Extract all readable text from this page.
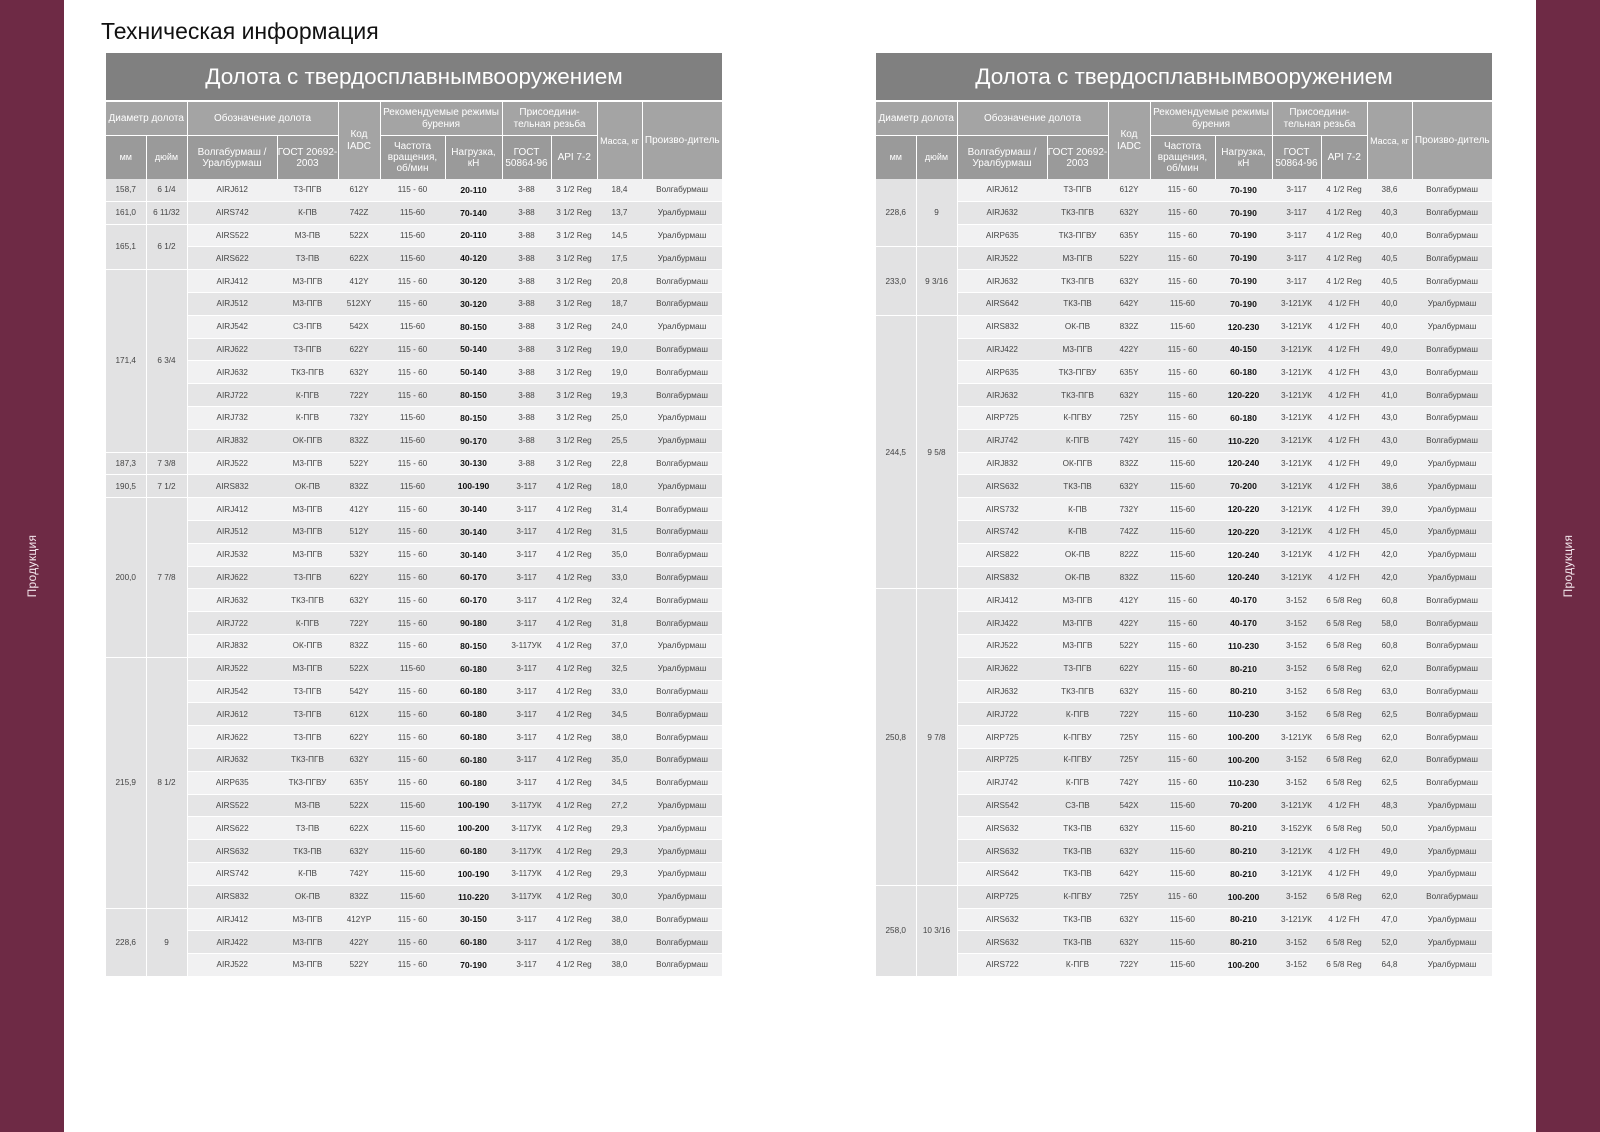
Продукция	Продукция
Техническая информация
Долота с твердосплавнымвооружением										
Диаметр долота		Обозначение долота		Код IADC	Рекомендуемые режимы бурения		Присоедини-тельная резьба		Масса, кг	Произво-дитель
мм	дюйм	Волгабурмаш / Уралбурмаш	ГОСТ 20692-2003		Частота вращения, об/мин	Нагрузка, кН	ГОСТ 50864-96	API 7-2		
158,7	6 1/4	AIRJ612	Т3-ПГВ	612Y	115 - 60	20-110	3-88	3 1/2 Reg	18,4	Волгабурмаш
161,0	6 11/32	AIRS742	К-ПВ	742Z	115-60	70-140	3-88	3 1/2 Reg	13,7	Уралбурмаш
165,1	6 1/2	AIRS522	М3-ПВ	522X	115-60	20-110	3-88	3 1/2 Reg	14,5	Уралбурмаш
		AIRS622	Т3-ПВ	622X	115-60	40-120	3-88	3 1/2 Reg	17,5	Уралбурмаш
171,4	6 3/4	AIRJ412	М3-ПГВ	412Y	115 - 60	30-120	3-88	3 1/2 Reg	20,8	Волгабурмаш
		AIRJ512	М3-ПГВ	512XY	115 - 60	30-120	3-88	3 1/2 Reg	18,7	Волгабурмаш
		AIRJ542	С3-ПГВ	542X	115-60	80-150	3-88	3 1/2 Reg	24,0	Уралбурмаш
		AIRJ622	Т3-ПГВ	622Y	115 - 60	50-140	3-88	3 1/2 Reg	19,0	Волгабурмаш
		AIRJ632	ТК3-ПГВ	632Y	115 - 60	50-140	3-88	3 1/2 Reg	19,0	Волгабурмаш
		AIRJ722	К-ПГВ	722Y	115 - 60	80-150	3-88	3 1/2 Reg	19,3	Волгабурмаш
		AIRJ732	К-ПГВ	732Y	115-60	80-150	3-88	3 1/2 Reg	25,0	Уралбурмаш
		AIRJ832	ОК-ПГВ	832Z	115-60	90-170	3-88	3 1/2 Reg	25,5	Уралбурмаш
187,3	7 3/8	AIRJ522	М3-ПГВ	522Y	115 - 60	30-130	3-88	3 1/2 Reg	22,8	Волгабурмаш
190,5	7 1/2	AIRS832	ОК-ПВ	832Z	115-60	100-190	3-117	4 1/2 Reg	18,0	Уралбурмаш
200,0	7 7/8	AIRJ412	М3-ПГВ	412Y	115 - 60	30-140	3-117	4 1/2 Reg	31,4	Волгабурмаш
		AIRJ512	М3-ПГВ	512Y	115 - 60	30-140	3-117	4 1/2 Reg	31,5	Волгабурмаш
		AIRJ532	М3-ПГВ	532Y	115 - 60	30-140	3-117	4 1/2 Reg	35,0	Волгабурмаш
		AIRJ622	Т3-ПГВ	622Y	115 - 60	60-170	3-117	4 1/2 Reg	33,0	Волгабурмаш
		AIRJ632	ТК3-ПГВ	632Y	115 - 60	60-170	3-117	4 1/2 Reg	32,4	Волгабурмаш
		AIRJ722	К-ПГВ	722Y	115 - 60	90-180	3-117	4 1/2 Reg	31,8	Волгабурмаш
		AIRJ832	ОК-ПГВ	832Z	115 - 60	80-150	3-117УК	4 1/2 Reg	37,0	Уралбурмаш
215,9	8 1/2	AIRJ522	М3-ПГВ	522X	115-60	60-180	3-117	4 1/2 Reg	32,5	Уралбурмаш
		AIRJ542	Т3-ПГВ	542Y	115 - 60	60-180	3-117	4 1/2 Reg	33,0	Волгабурмаш
		AIRJ612	Т3-ПГВ	612X	115 - 60	60-180	3-117	4 1/2 Reg	34,5	Волгабурмаш
		AIRJ622	Т3-ПГВ	622Y	115 - 60	60-180	3-117	4 1/2 Reg	38,0	Волгабурмаш
		AIRJ632	ТК3-ПГВ	632Y	115 - 60	60-180	3-117	4 1/2 Reg	35,0	Волгабурмаш
		AIRP635	ТК3-ПГВУ	635Y	115 - 60	60-180	3-117	4 1/2 Reg	34,5	Волгабурмаш
		AIRS522	М3-ПВ	522X	115-60	100-190	3-117УК	4 1/2 Reg	27,2	Уралбурмаш
		AIRS622	Т3-ПВ	622X	115-60	100-200	3-117УК	4 1/2 Reg	29,3	Уралбурмаш
		AIRS632	ТК3-ПВ	632Y	115-60	60-180	3-117УК	4 1/2 Reg	29,3	Уралбурмаш
		AIRS742	К-ПВ	742Y	115-60	100-190	3-117УК	4 1/2 Reg	29,3	Уралбурмаш
		AIRS832	ОК-ПВ	832Z	115-60	110-220	3-117УК	4 1/2 Reg	30,0	Уралбурмаш
228,6	9	AIRJ412	М3-ПГВ	412YP	115 - 60	30-150	3-117	4 1/2 Reg	38,0	Волгабурмаш
		AIRJ422	М3-ПГВ	422Y	115 - 60	60-180	3-117	4 1/2 Reg	38,0	Волгабурмаш
		AIRJ522	М3-ПГВ	522Y	115 - 60	70-190	3-117	4 1/2 Reg	38,0	Волгабурмаш
Долота с твердосплавнымвооружением										
Диаметр долота		Обозначение долота		Код IADC	Рекомендуемые режимы бурения		Присоедини-тельная резьба		Масса, кг	Произво-дитель
мм	дюйм	Волгабурмаш / Уралбурмаш	ГОСТ 20692-2003		Частота вращения, об/мин	Нагрузка, кН	ГОСТ 50864-96	API 7-2		
228,6	9	AIRJ612	Т3-ПГВ	612Y	115 - 60	70-190	3-117	4 1/2 Reg	38,6	Волгабурмаш
		AIRJ632	ТК3-ПГВ	632Y	115 - 60	70-190	3-117	4 1/2 Reg	40,3	Волгабурмаш
		AIRP635	ТК3-ПГВУ	635Y	115 - 60	70-190	3-117	4 1/2 Reg	40,0	Волгабурмаш
233,0	9 3/16	AIRJ522	М3-ПГВ	522Y	115 - 60	70-190	3-117	4 1/2 Reg	40,5	Волгабурмаш
		AIRJ632	ТК3-ПГВ	632Y	115 - 60	70-190	3-117	4 1/2 Reg	40,5	Волгабурмаш
		AIRS642	ТК3-ПВ	642Y	115-60	70-190	3-121УК	4 1/2 FH	40,0	Уралбурмаш
244,5	9 5/8	AIRS832	ОК-ПВ	832Z	115-60	120-230	3-121УК	4 1/2 FH	40,0	Уралбурмаш
		AIRJ422	М3-ПГВ	422Y	115 - 60	40-150	3-121УК	4 1/2 FH	49,0	Волгабурмаш
		AIRP635	ТК3-ПГВУ	635Y	115 - 60	60-180	3-121УК	4 1/2 FH	43,0	Волгабурмаш
		AIRJ632	ТК3-ПГВ	632Y	115 - 60	120-220	3-121УК	4 1/2 FH	41,0	Волгабурмаш
		AIRP725	К-ПГВУ	725Y	115 - 60	60-180	3-121УК	4 1/2 FH	43,0	Волгабурмаш
		AIRJ742	К-ПГВ	742Y	115 - 60	110-220	3-121УК	4 1/2 FH	43,0	Волгабурмаш
		AIRJ832	ОК-ПГВ	832Z	115-60	120-240	3-121УК	4 1/2 FH	49,0	Уралбурмаш
		AIRS632	ТК3-ПВ	632Y	115-60	70-200	3-121УК	4 1/2 FH	38,6	Уралбурмаш
		AIRS732	К-ПВ	732Y	115-60	120-220	3-121УК	4 1/2 FH	39,0	Уралбурмаш
		AIRS742	К-ПВ	742Z	115-60	120-220	3-121УК	4 1/2 FH	45,0	Уралбурмаш
		AIRS822	ОК-ПВ	822Z	115-60	120-240	3-121УК	4 1/2 FH	42,0	Уралбурмаш
		AIRS832	ОК-ПВ	832Z	115-60	120-240	3-121УК	4 1/2 FH	42,0	Уралбурмаш
250,8	9 7/8	AIRJ412	М3-ПГВ	412Y	115 - 60	40-170	3-152	6 5/8 Reg	60,8	Волгабурмаш
		AIRJ422	М3-ПГВ	422Y	115 - 60	40-170	3-152	6 5/8 Reg	58,0	Волгабурмаш
		AIRJ522	М3-ПГВ	522Y	115 - 60	110-230	3-152	6 5/8 Reg	60,8	Волгабурмаш
		AIRJ622	Т3-ПГВ	622Y	115 - 60	80-210	3-152	6 5/8 Reg	62,0	Волгабурмаш
		AIRJ632	ТК3-ПГВ	632Y	115 - 60	80-210	3-152	6 5/8 Reg	63,0	Волгабурмаш
		AIRJ722	К-ПГВ	722Y	115 - 60	110-230	3-152	6 5/8 Reg	62,5	Волгабурмаш
		AIRP725	К-ПГВУ	725Y	115 - 60	100-200	3-121УК	6 5/8 Reg	62,0	Волгабурмаш
		AIRP725	К-ПГВУ	725Y	115 - 60	100-200	3-152	6 5/8 Reg	62,0	Волгабурмаш
		AIRJ742	К-ПГВ	742Y	115 - 60	110-230	3-152	6 5/8 Reg	62,5	Волгабурмаш
		AIRS542	С3-ПВ	542X	115-60	70-200	3-121УК	4 1/2 FH	48,3	Уралбурмаш
		AIRS632	ТК3-ПВ	632Y	115-60	80-210	3-152УК	6 5/8 Reg	50,0	Уралбурмаш
		AIRS632	ТК3-ПВ	632Y	115-60	80-210	3-121УК	4 1/2 FH	49,0	Уралбурмаш
		AIRS642	ТК3-ПВ	642Y	115-60	80-210	3-121УК	4 1/2 FH	49,0	Уралбурмаш
258,0	10 3/16	AIRP725	К-ПГВУ	725Y	115 - 60	100-200	3-152	6 5/8 Reg	62,0	Волгабурмаш
		AIRS632	ТК3-ПВ	632Y	115-60	80-210	3-121УК	4 1/2 FH	47,0	Уралбурмаш
		AIRS632	ТК3-ПВ	632Y	115-60	80-210	3-152	6 5/8 Reg	52,0	Уралбурмаш
		AIRS722	К-ПГВ	722Y	115-60	100-200	3-152	6 5/8 Reg	64,8	Уралбурмаш
